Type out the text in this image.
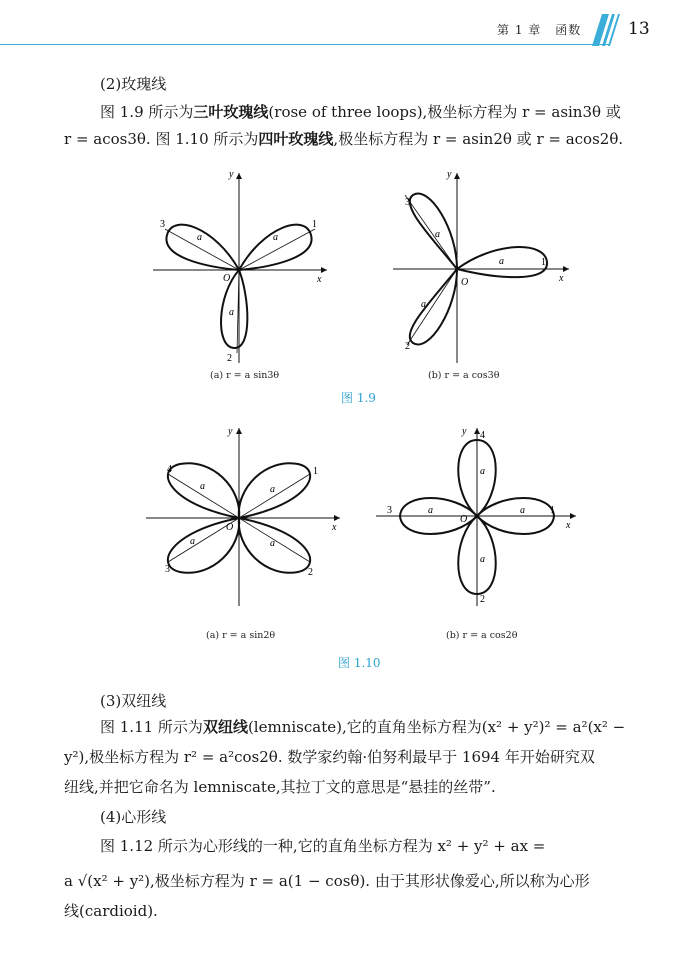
第 1 章 函数	13

(2)玫瑰线

图 1.9 所示为三叶玫瑰线(rose of three loops),极坐标方程为 r = asin3θ 或

r = acos3θ. 图 1.10 所示为四叶玫瑰线,极坐标方程为 r = asin2θ 或 r = acos2θ.

3	1
2
a	a
a
O	x
y
(a) r = a sin3θ
3
1
2
a
a
a
O	x
y
(b) r = a cos3θ
图 1.9
4	1
3	2
a	a
a	a
O	x
y
(a) r = a sin2θ
4
1
3
2
a
a
a	a
O
x
y
(b) r = a cos2θ
图 1.10

(3)双纽线

图 1.11 所示为双纽线(lemniscate),它的直角坐标方程为(x² + y²)² = a²(x² −

y²),极坐标方程为 r² = a²cos2θ. 数学家约翰·伯努利最早于 1694 年开始研究双

纽线,并把它命名为 lemniscate,其拉丁文的意思是“悬挂的丝带”.

(4)心形线

图 1.12 所示为心形线的一种,它的直角坐标方程为 x² + y² + ax =

a √(x² + y²),极坐标方程为 r = a(1 − cosθ). 由于其形状像爱心,所以称为心形

线(cardioid).
